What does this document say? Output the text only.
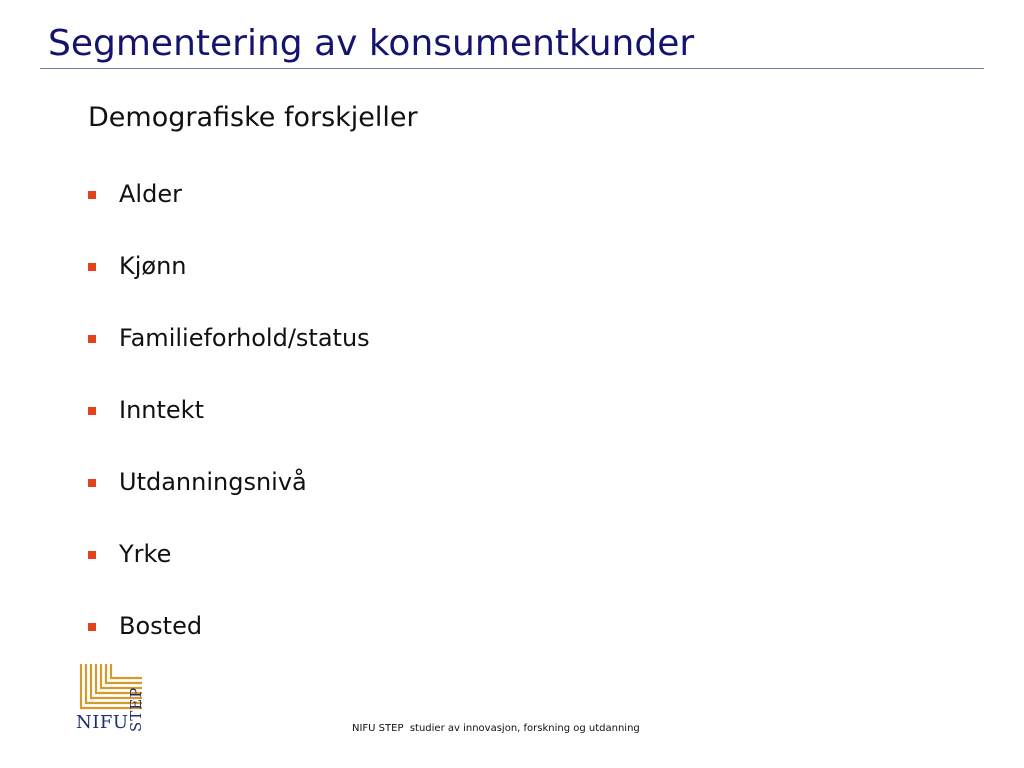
Segmentering av konsumentkunder
Demografiske forskjeller
Alder
Kjønn
Familieforhold/status
Inntekt
Utdanningsnivå
Yrke
Bosted
NIFU
STEP	NIFU STEP  studier av innovasjon, forskning og utdanning
